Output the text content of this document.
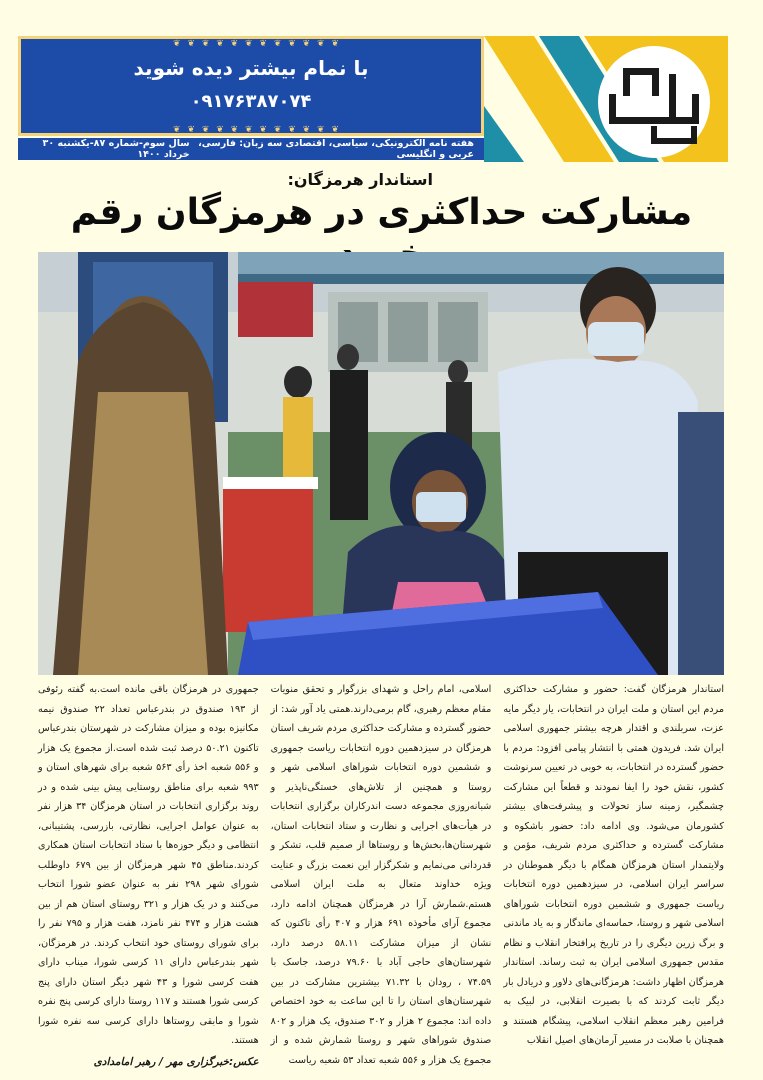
❦ ❦ ❦ ❦ ❦ ❦ ❦ ❦ ❦ ❦ ❦ ❦
با نمام بیشتر دیده شوید
۰۹۱۷۶۳۸۷۰۷۴
❦ ❦ ❦ ❦ ❦ ❦ ❦ ❦ ❦ ❦ ❦ ❦
هفته نامه الکترونیکی، سیاسی، اقتصادی سه زبان: فارسی، عربی و انگلیسی
سال سوم-شماره ۸۷-یکشنبه ۳۰ خرداد ۱۴۰۰
استاندار هرمزگان:
مشارکت حداکثری در هرمزگان رقم

استاندار هرمزگان گفت: حضور و مشارکت حداکثری مردم این استان و ملت ایران در انتخابات، یار دیگر مایه عزت، سربلندی و اقتدار هرچه بیشتر جمهوری اسلامی ایران شد. فریدون همتی با انتشار پیامی افزود: مردم با حضور گسترده در انتخابات، به خوبی در تعیین سرنوشت کشور، نقش خود را ایفا نمودند و قطعاً این مشارکت چشمگیر، زمینه ساز تحولات و پیشرفت‌های بیشتر کشورمان می‌شود. وی ادامه داد: حضور باشکوه و مشارکت گسترده و حداکثری مردم شریف، مؤمن و ولایتمدار استان هرمزگان همگام با دیگر هموطنان در سراسر ایران اسلامی، در سیزدهمین دوره انتخابات ریاست جمهوری و ششمین دوره انتخابات شوراهای اسلامی شهر و روستا، حماسه‌ای ماندگار و به یاد ماندنی و برگ زرین دیگری را در تاریخ پرافتخار انقلاب و نظام مقدس جمهوری اسلامی ایران به ثبت رساند. استاندار هرمزگان اظهار داشت: هرمزگانی‌های دلاور و دریادل بار دیگر ثابت کردند که با بصیرت انقلابی، در لبیک به فرامین رهبر معظم انقلاب اسلامی، پیشگام هستند و همچنان با صلابت در مسیر آرمان‌های اصیل انقلاب

اسلامی، امام راحل و شهدای بزرگوار و تحقق منویات مقام معظم رهبری، گام برمی‌دارند.همتی یاد آور شد: از حضور گسترده و مشارکت حداکثری مردم شریف استان هرمزگان در سیزدهمین دوره انتخابات ریاست جمهوری و ششمین دوره انتخابات شوراهای اسلامی شهر و روستا و همچنین از تلاش‌های خستگی‌ناپذیر و شبانه‌روزی مجموعه دست اندرکاران برگزاری انتخابات در هیأت‌های اجرایی و نظارت و ستاد انتخابات استان، شهرستان‌ها،بخش‌ها و روستاها از صمیم قلب، تشکر و قدردانی می‌نمایم و شکرگزار این نعمت بزرگ و عنایت ویژه خداوند متعال به ملت ایران اسلامی هستم.شمارش آرا در هرمزگان همچنان ادامه دارد، مجموع آرای مأخوذه ۶۹۱ هزار و ۴۰۷ رأی تاکنون که نشان از میزان مشارکت ۵۸.۱۱ درصد دارد، شهرستان‌های حاجی آباد با ۷۹.۶۰ درصد، جاسک با ۷۴.۵۹ ، رودان با ۷۱.۳۲ بیشترین مشارکت در بین شهرستان‌های استان را تا این ساعت به خود اختصاص داده اند: مجموع ۲ هزار و ۳۰۲ صندوق، یک هزار و ۸۰۲ صندوق شوراهای شهر و روستا شمارش شده و از مجموع یک هزار و ۵۵۶ شعبه تعداد ۵۳ شعبه ریاست

جمهوری در هرمزگان باقی مانده است.به گفته رئوفی از ۱۹۳ صندوق در بندرعباس تعداد ۲۲ صندوق نیمه مکانیزه بوده و میزان مشارکت در شهرستان بندرعباس تاکنون ۵۰.۲۱ درصد ثبت شده است.از مجموع یک هزار و ۵۵۶ شعبه اخذ رأی ۵۶۳ شعبه برای شهرهای استان و ۹۹۳ شعبه برای مناطق روستایی پیش بینی شده و در روند برگزاری انتخابات در استان هرمزگان ۳۴ هزار نفر به عنوان عوامل اجرایی، نظارتی، بازرسی، پشتیبانی، انتظامی و دیگر حوزه‌ها با ستاد انتخابات استان همکاری کردند.مناطق ۴۵ شهر هرمزگان از بین ۶۷۹ داوطلب شورای شهر ۲۹۸ نفر به عنوان عضو شورا انتخاب می‌کنند و در یک هزار و ۳۲۱ روستای استان هم از بین هشت هزار و ۴۷۴ نفر نامزد، هفت هزار و ۷۹۵ نفر را برای شورای روستای خود انتخاب کردند. در هرمزگان، شهر بندرعباس دارای ۱۱ کرسی شورا، میناب دارای هفت کرسی شورا و ۴۳ شهر دیگر استان دارای پنج کرسی شورا هستند و ۱۱۷ روستا دارای کرسی پنج نفره شورا و مابقی روستاها دارای کرسی سه نفره شورا هستند.

عکس:خبرگزاری مهر / رهبر امامدادی
